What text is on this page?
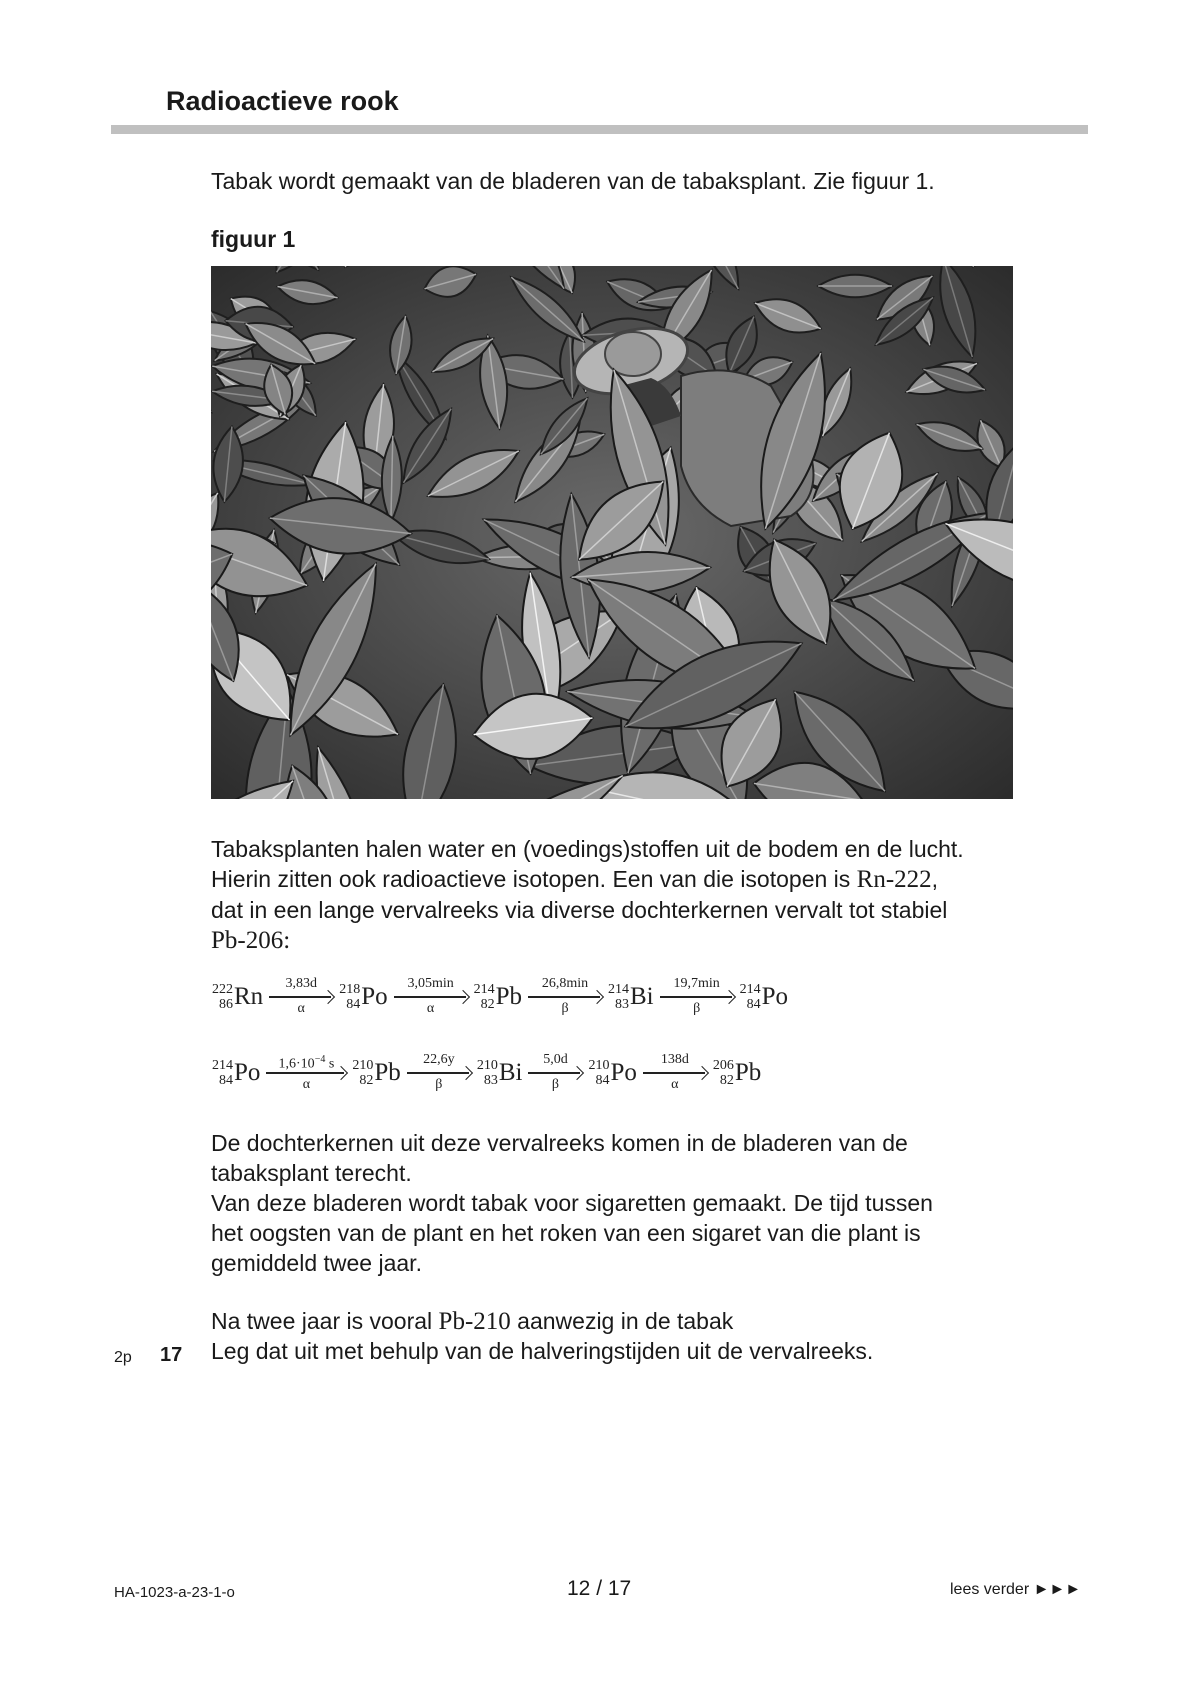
Radioactieve rook

Tabak wordt gemaakt van de bladeren van de tabaksplant. Zie figuur 1.

figuur 1

Tabaksplanten halen water en (voedings)stoffen uit de bodem en de lucht.
Hierin zitten ook radioactieve isotopen. Een van die isotopen is Rn-222,
dat in een lange vervalreeks via diverse dochterkernen vervalt tot stabiel
Pb-206:

222
86 Rn 3,83d
α
218
84 Po 3,05min
α
214
82 Pb 26,8min
β
214
83 Bi 19,7min
β
214
84 Po
214
84 Po $1,6\cdot 10^{-4}$ s
α
210
82 Pb 22,6y
β
210
83 Bi 5,0d
β
210
84 Po 138d
α
206
82 Pb

De dochterkernen uit deze vervalreeks komen in de bladeren van de
tabaksplant terecht.
Van deze bladeren wordt tabak voor sigaretten gemaakt. De tijd tussen
het oogsten van de plant en het roken van een sigaret van die plant is
gemiddeld twee jaar.

Na twee jaar is vooral Pb-210 aanwezig in de tabak

2p 17 Leg dat uit met behulp van de halveringstijden uit de vervalreeks.

HA-1023-a-23-1-o	12 / 17	lees verder ►►►
